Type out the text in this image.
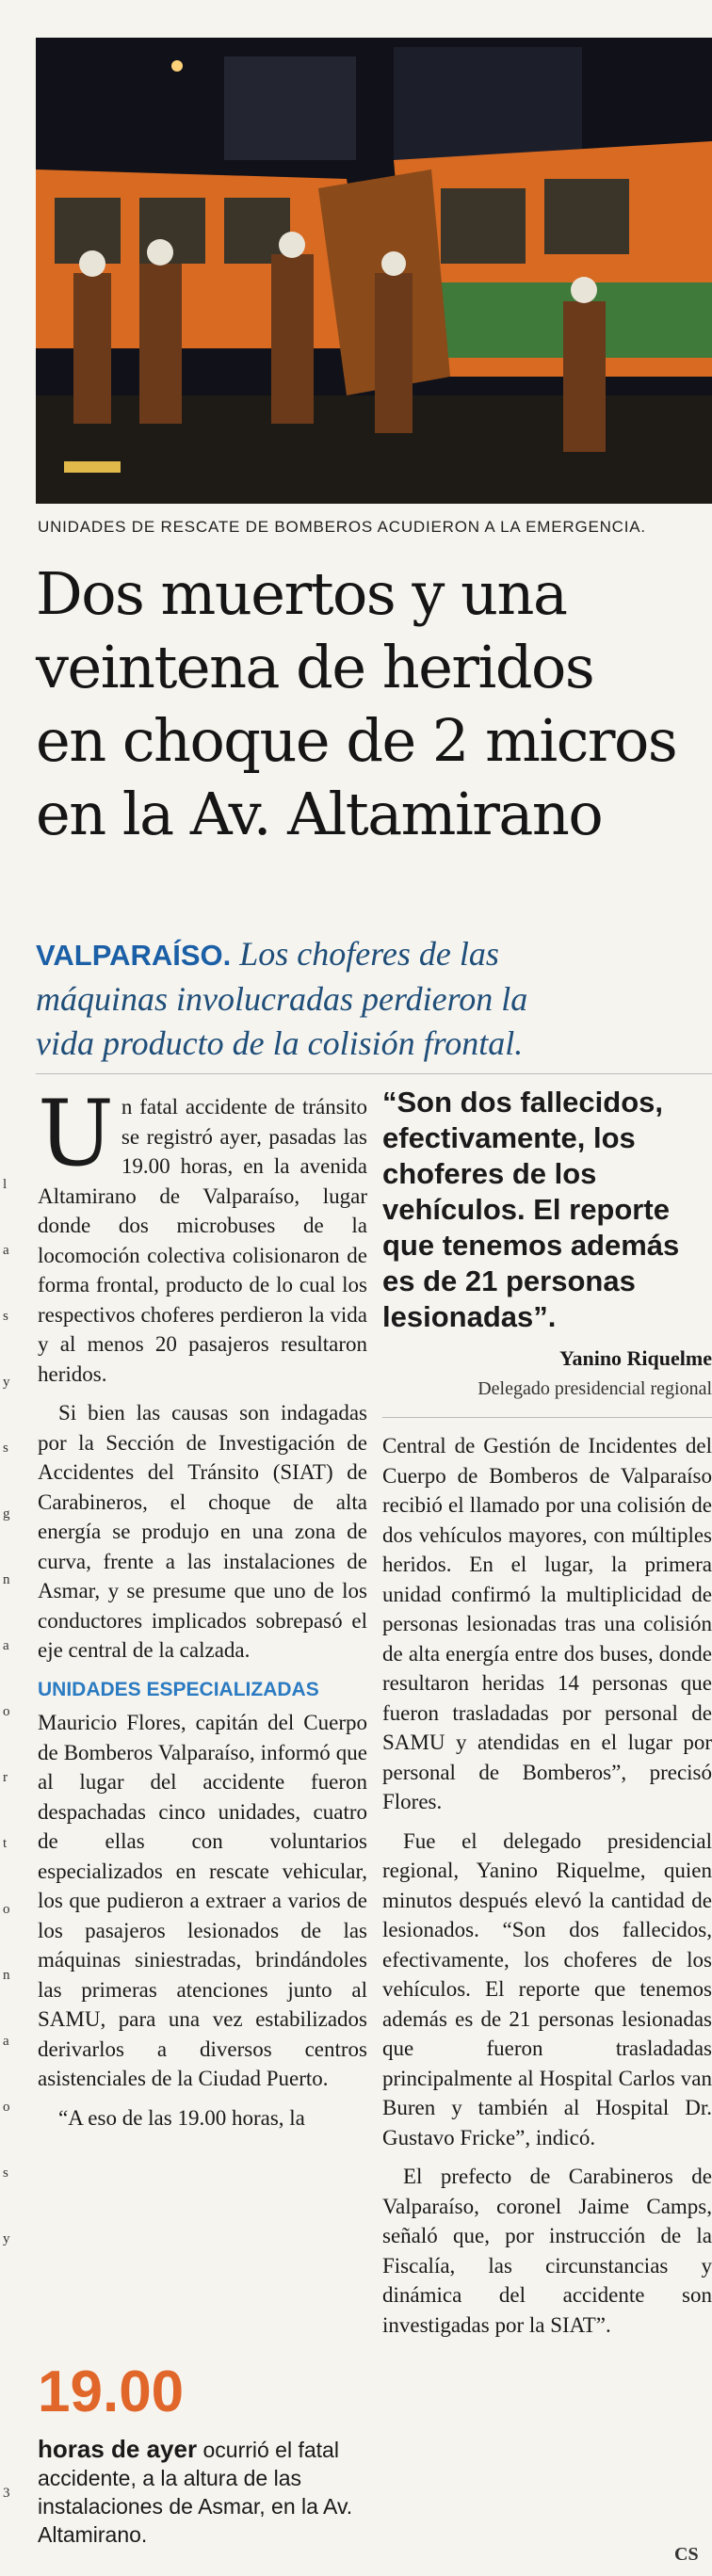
l
a
s
y
s
g
n
a
o
r
t
o
n
a
o
s
y
3
UNIDADES DE RESCATE DE BOMBEROS ACUDIERON A LA EMERGENCIA.
Dos muertos y una
veintena de heridos
en choque de 2 micros
en la Av. Altamirano
VALPARAÍSO. Los choferes de las
máquinas involucradas perdieron la
vida producto de la colisión frontal.

Un fatal accidente de tránsito se registró ayer, pasadas las 19.00 horas, en la avenida Altamirano de Valparaíso, lugar donde dos microbuses de la locomoción colectiva colisionaron de forma frontal, producto de lo cual los respectivos choferes perdieron la vida y al menos 20 pasajeros resultaron heridos.

Si bien las causas son indagadas por la Sección de Investigación de Accidentes del Tránsito (SIAT) de Carabineros, el choque de alta energía se produjo en una zona de curva, frente a las instalaciones de Asmar, y se presume que uno de los conductores implicados sobrepasó el eje central de la calzada.

UNIDADES ESPECIALIZADAS

Mauricio Flores, capitán del Cuerpo de Bomberos Valparaíso, informó que al lugar del accidente fueron despachadas cinco unidades, cuatro de ellas con voluntarios especializados en rescate vehicular, los que pudieron a extraer a varios de los pasajeros lesionados de las máquinas siniestradas, brindándoles las primeras atenciones junto al SAMU, para una vez estabilizados derivarlos a diversos centros asistenciales de la Ciudad Puerto.

“A eso de las 19.00 horas, la

“Son dos fallecidos,
efectivamente, los
choferes de los
vehículos. El reporte
que tenemos además
es de 21 personas
lesionadas”.
Yanino Riquelme
Delegado presidencial regional

Central de Gestión de Incidentes del Cuerpo de Bomberos de Valparaíso recibió el llamado por una colisión de dos vehículos mayores, con múltiples heridos. En el lugar, la primera unidad confirmó la multiplicidad de personas lesionadas tras una colisión de alta energía entre dos buses, donde resultaron heridas 14 personas que fueron trasladadas por personal de SAMU y atendidas en el lugar por personal de Bomberos”, precisó Flores.

Fue el delegado presidencial regional, Yanino Riquelme, quien minutos después elevó la cantidad de lesionados. “Son dos fallecidos, efectivamente, los choferes de los vehículos. El reporte que tenemos además es de 21 personas lesionadas que fueron trasladadas principalmente al Hospital Carlos van Buren y también al Hospital Dr. Gustavo Fricke”, indicó.

El prefecto de Carabineros de Valparaíso, coronel Jaime Camps, señaló que, por instrucción de la Fiscalía, las circunstancias y dinámica del accidente son investigadas por la SIAT”.

19.00
horas de ayer ocurrió el fatal accidente, a la altura de las instalaciones de Asmar, en la Av. Altamirano.
CS
